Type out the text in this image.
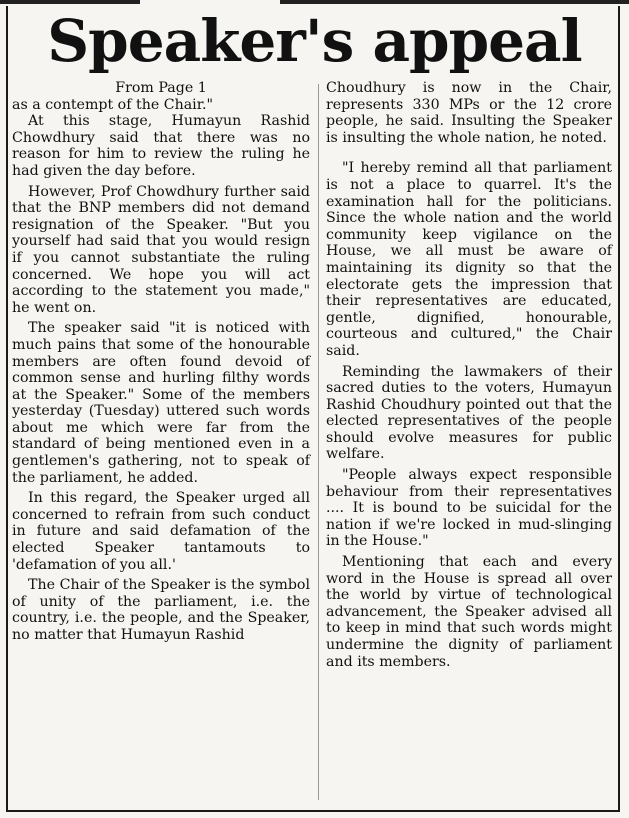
Speaker's appeal

From Page 1

as a contempt of the Chair."

At this stage, Humayun Rashid Chowdhury said that there was no reason for him to review the ruling he had given the day before.

However, Prof Chowdhury further said that the BNP members did not demand resignation of the Speaker. "But you yourself had said that you would resign if you cannot substantiate the ruling concerned. We hope you will act according to the statement you made," he went on.

The speaker said "it is noticed with much pains that some of the honourable members are often found devoid of common sense and hurling filthy words at the Speaker." Some of the members yesterday (Tuesday) uttered such words about me which were far from the standard of being mentioned even in a gentlemen's gathering, not to speak of the parliament, he added.

In this regard, the Speaker urged all concerned to refrain from such conduct in future and said defamation of the elected Speaker tantamouts to 'defamation of you all.'

The Chair of the Speaker is the symbol of unity of the parliament, i.e. the country, i.e. the people, and the Speaker, no matter that Humayun Rashid

Choudhury is now in the Chair, represents 330 MPs or the 12 crore people, he said. Insulting the Speaker is insulting the whole nation, he noted.

"I hereby remind all that parliament is not a place to quarrel. It's the examination hall for the politicians. Since the whole nation and the world community keep vigilance on the House, we all must be aware of maintaining its dignity so that the electorate gets the impression that their representatives are educated, gentle, dignified, honourable, courteous and cultured," the Chair said.

Reminding the lawmakers of their sacred duties to the voters, Humayun Rashid Choudhury pointed out that the elected representatives of the people should evolve measures for public welfare.

"People always expect responsible behaviour from their representatives .... It is bound to be suicidal for the nation if we're locked in mud-slinging in the House."

Mentioning that each and every word in the House is spread all over the world by virtue of technological advancement, the Speaker advised all to keep in mind that such words might undermine the dignity of parliament and its members.
